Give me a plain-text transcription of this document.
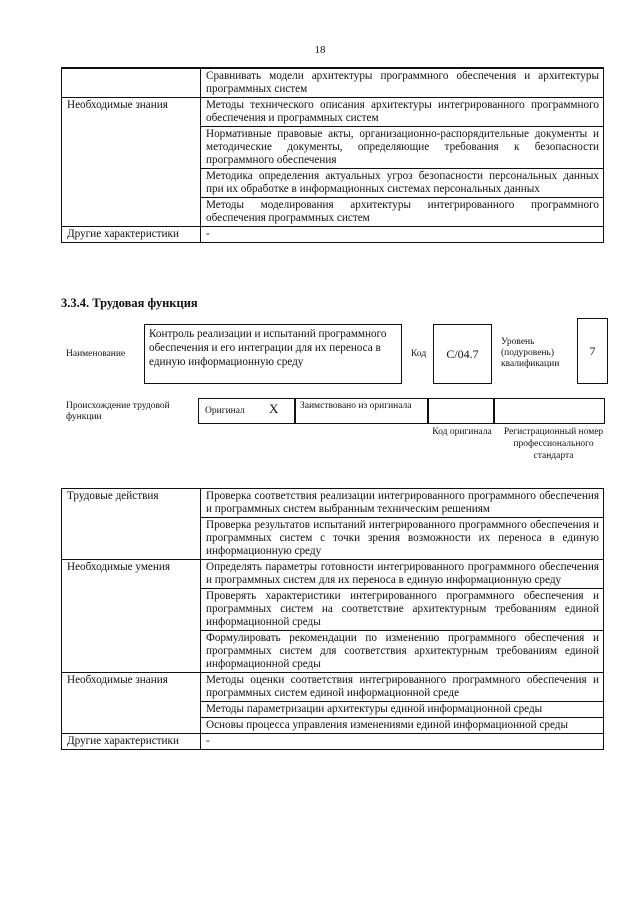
18
	Сравнивать модели архитектуры программного обеспечения и архитектуры программных систем
Необходимые знания	Методы технического описания архитектуры интегрированного программного обеспечения и программных систем
	Нормативные правовые акты, организационно-распорядительные документы и методические документы, определяющие требования к безопасности программного обеспечения
	Методика определения актуальных угроз безопасности персональных данных при их обработке в информационных системах персональных данных
	Методы моделирования архитектуры интегрированного программного обеспечения программных систем
Другие характеристики	-
3.3.4. Трудовая функция
Наименование
Контроль реализации и испытаний программного обеспечения и его интеграции для их переноса в единую информационную среду
Код	С/04.7
Уровень (подуровень) квалификации
7
Происхождение трудовой функции
Оригинал Х	Заимствовано из оригинала
Код оригинала	Регистрационный номер профессионального стандарта
Трудовые действия	Проверка соответствия реализации интегрированного программного обеспечения и программных систем выбранным техническим решениям
	Проверка результатов испытаний интегрированного программного обеспечения и программных систем с точки зрения возможности их переноса в единую информационную среду
Необходимые умения	Определять параметры готовности интегрированного программного обеспечения и программных систем для их переноса в единую информационную среду
	Проверять характеристики интегрированного программного обеспечения и программных систем на соответствие архитектурным требованиям единой информационной среды
	Формулировать рекомендации по изменению программного обеспечения и программных систем для соответствия архитектурным требованиям единой информационной среды
Необходимые знания	Методы оценки соответствия интегрированного программного обеспечения и программных систем единой информационной среде
	Методы параметризации архитектуры единой информационной среды
	Основы процесса управления изменениями единой информационной среды
Другие характеристики	-
